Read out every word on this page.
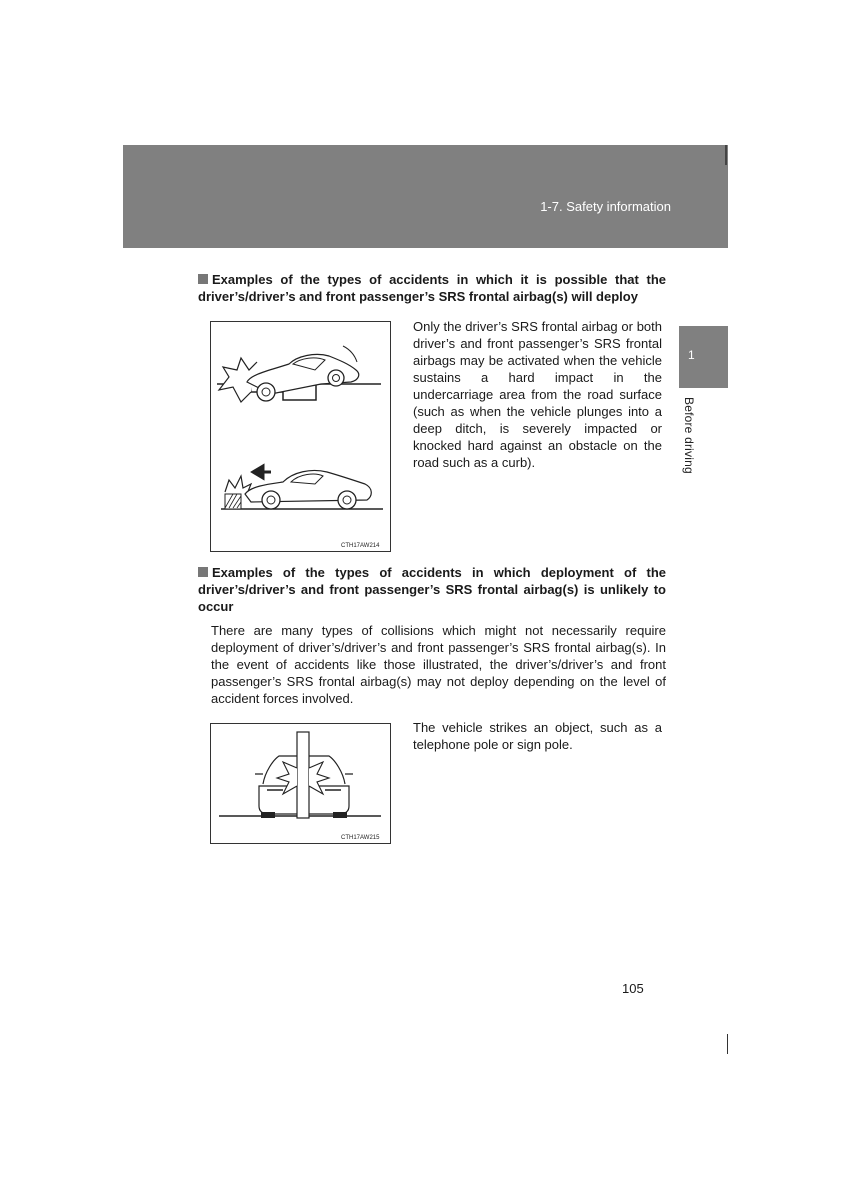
1-7. Safety information
1
Before driving
Examples of the types of accidents in which it is possible that the driver’s/driver’s and front passenger’s SRS frontal airbag(s) will deploy
CTH17AW214
Only the driver’s SRS frontal airbag or both driver’s and front passenger’s SRS frontal airbags may be activated when the vehicle sustains a hard impact in the undercarriage area from the road surface (such as when the vehicle plunges into a deep ditch, is severely impacted or knocked hard against an obstacle on the road such as a curb).
Examples of the types of accidents in which deployment of the driver’s/driver’s and front passenger’s SRS frontal airbag(s) is unlikely to occur
There are many types of collisions which might not necessarily require deployment of driver’s/driver’s and front passenger’s SRS frontal airbag(s). In the event of accidents like those illustrated, the driver’s/driver’s and front passenger’s SRS frontal airbag(s) may not deploy depending on the level of accident forces involved.
CTH17AW215
The vehicle strikes an object, such as a telephone pole or sign pole.
105
